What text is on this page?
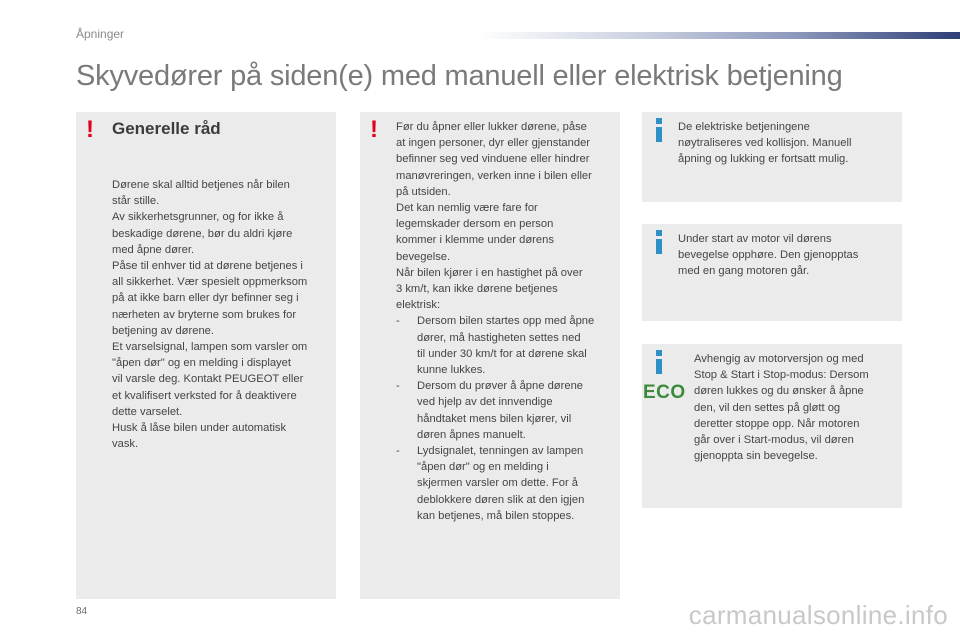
Åpninger
Skyvedører på siden(e) med manuell eller elektrisk betjening
! Generelle råd

Dørene skal alltid betjenes når bilen

står stille.

Av sikkerhetsgrunner, og for ikke å

beskadige dørene, bør du aldri kjøre

med åpne dører.

Påse til enhver tid at dørene betjenes i

all sikkerhet. Vær spesielt oppmerksom

på at ikke barn eller dyr befinner seg i

nærheten av bryterne som brukes for

betjening av dørene.

Et varselsignal, lampen som varsler om

"åpen dør" og en melding i displayet

vil varsle deg. Kontakt PEUGEOT eller

et kvalifisert verksted for å deaktivere

dette varselet.

Husk å låse bilen under automatisk

vask.

! Før du åpner eller lukker dørene, påse

at ingen personer, dyr eller gjenstander

befinner seg ved vinduene eller hindrer

manøvreringen, verken inne i bilen eller

på utsiden.

Det kan nemlig være fare for

legemskader dersom en person

kommer i klemme under dørens

bevegelse.

Når bilen kjører i en hastighet på over

3 km/t, kan ikke dørene betjenes

elektrisk:

- Dersom bilen startes opp med åpne

dører, må hastigheten settes ned

til under 30 km/t for at dørene skal

kunne lukkes.

- Dersom du prøver å åpne dørene

ved hjelp av det innvendige

håndtaket mens bilen kjører, vil

døren åpnes manuelt.

- Lydsignalet, tenningen av lampen

"åpen dør" og en melding i

skjermen varsler om dette. For å

deblokkere døren slik at den igjen

kan betjenes, må bilen stoppes.

De elektriske betjeningene

nøytraliseres ved kollisjon. Manuell

åpning og lukking er fortsatt mulig.

Under start av motor vil dørens

bevegelse opphøre. Den gjenopptas

med en gang motoren går.

ECO

Avhengig av motorversjon og med

Stop & Start i Stop-modus: Dersom

døren lukkes og du ønsker å åpne

den, vil den settes på gløtt og

deretter stoppe opp. Når motoren

går over i Start-modus, vil døren

gjenoppta sin bevegelse.

84	carmanualsonline.info
